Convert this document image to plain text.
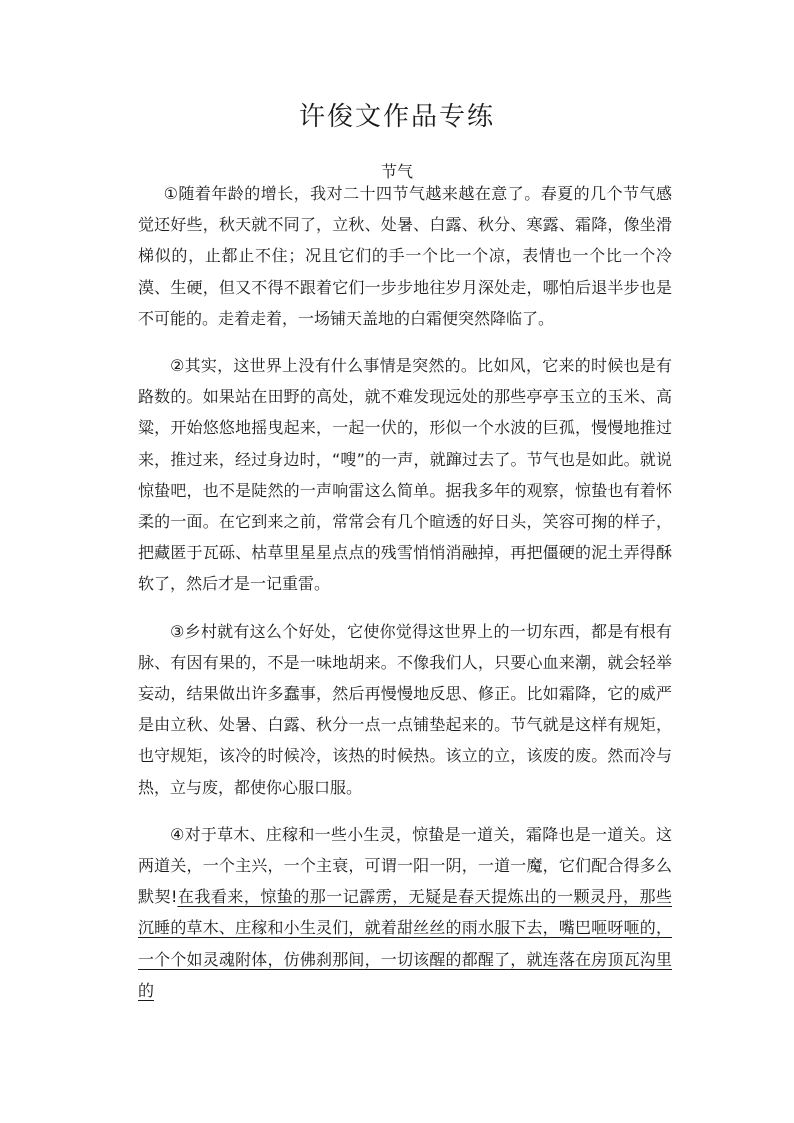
许俊文作品专练
节气

①随着年龄的增长，我对二十四节气越来越在意了。春夏的几个节气感觉还好些，秋天就不同了，立秋、处暑、白露、秋分、寒露、霜降，像坐滑梯似的，止都止不住；况且它们的手一个比一个凉，表情也一个比一个冷漠、生硬，但又不得不跟着它们一步步地往岁月深处走，哪怕后退半步也是不可能的。走着走着，一场铺天盖地的白霜便突然降临了。

②其实，这世界上没有什么事情是突然的。比如风，它来的时候也是有路数的。如果站在田野的高处，就不难发现远处的那些亭亭玉立的玉米、高粱，开始悠悠地摇曳起来，一起一伏的，形似一个水波的巨孤，慢慢地推过来，推过来，经过身边时，“嗖”的一声，就蹿过去了。节气也是如此。就说惊蛰吧，也不是陡然的一声响雷这么简单。据我多年的观察，惊蛰也有着怀柔的一面。在它到来之前，常常会有几个暄透的好日头，笑容可掬的样子，把藏匿于瓦砾、枯草里星星点点的残雪悄悄消融掉，再把僵硬的泥土弄得酥软了，然后才是一记重雷。

③乡村就有这么个好处，它使你觉得这世界上的一切东西，都是有根有脉、有因有果的，不是一味地胡来。不像我们人，只要心血来潮，就会轻举妄动，结果做出许多蠢事，然后再慢慢地反思、修正。比如霜降，它的威严是由立秋、处暑、白露、秋分一点一点铺垫起来的。节气就是这样有规矩，也守规矩，该冷的时候冷，该热的时候热。该立的立，该废的废。然而冷与热，立与废，都使你心服口服。

④对于草木、庄稼和一些小生灵，惊蛰是一道关，霜降也是一道关。这两道关，一个主兴，一个主衰，可谓一阳一阴，一道一魔，它们配合得多么默契!在我看来，惊蛰的那一记霹雳，无疑是春天提炼出的一颗灵丹，那些沉睡的草木、庄稼和小生灵们，就着甜丝丝的雨水服下去，嘴巴咂呀咂的，一个个如灵魂附体，仿佛刹那间，一切该醒的都醒了，就连落在房顶瓦沟里的
